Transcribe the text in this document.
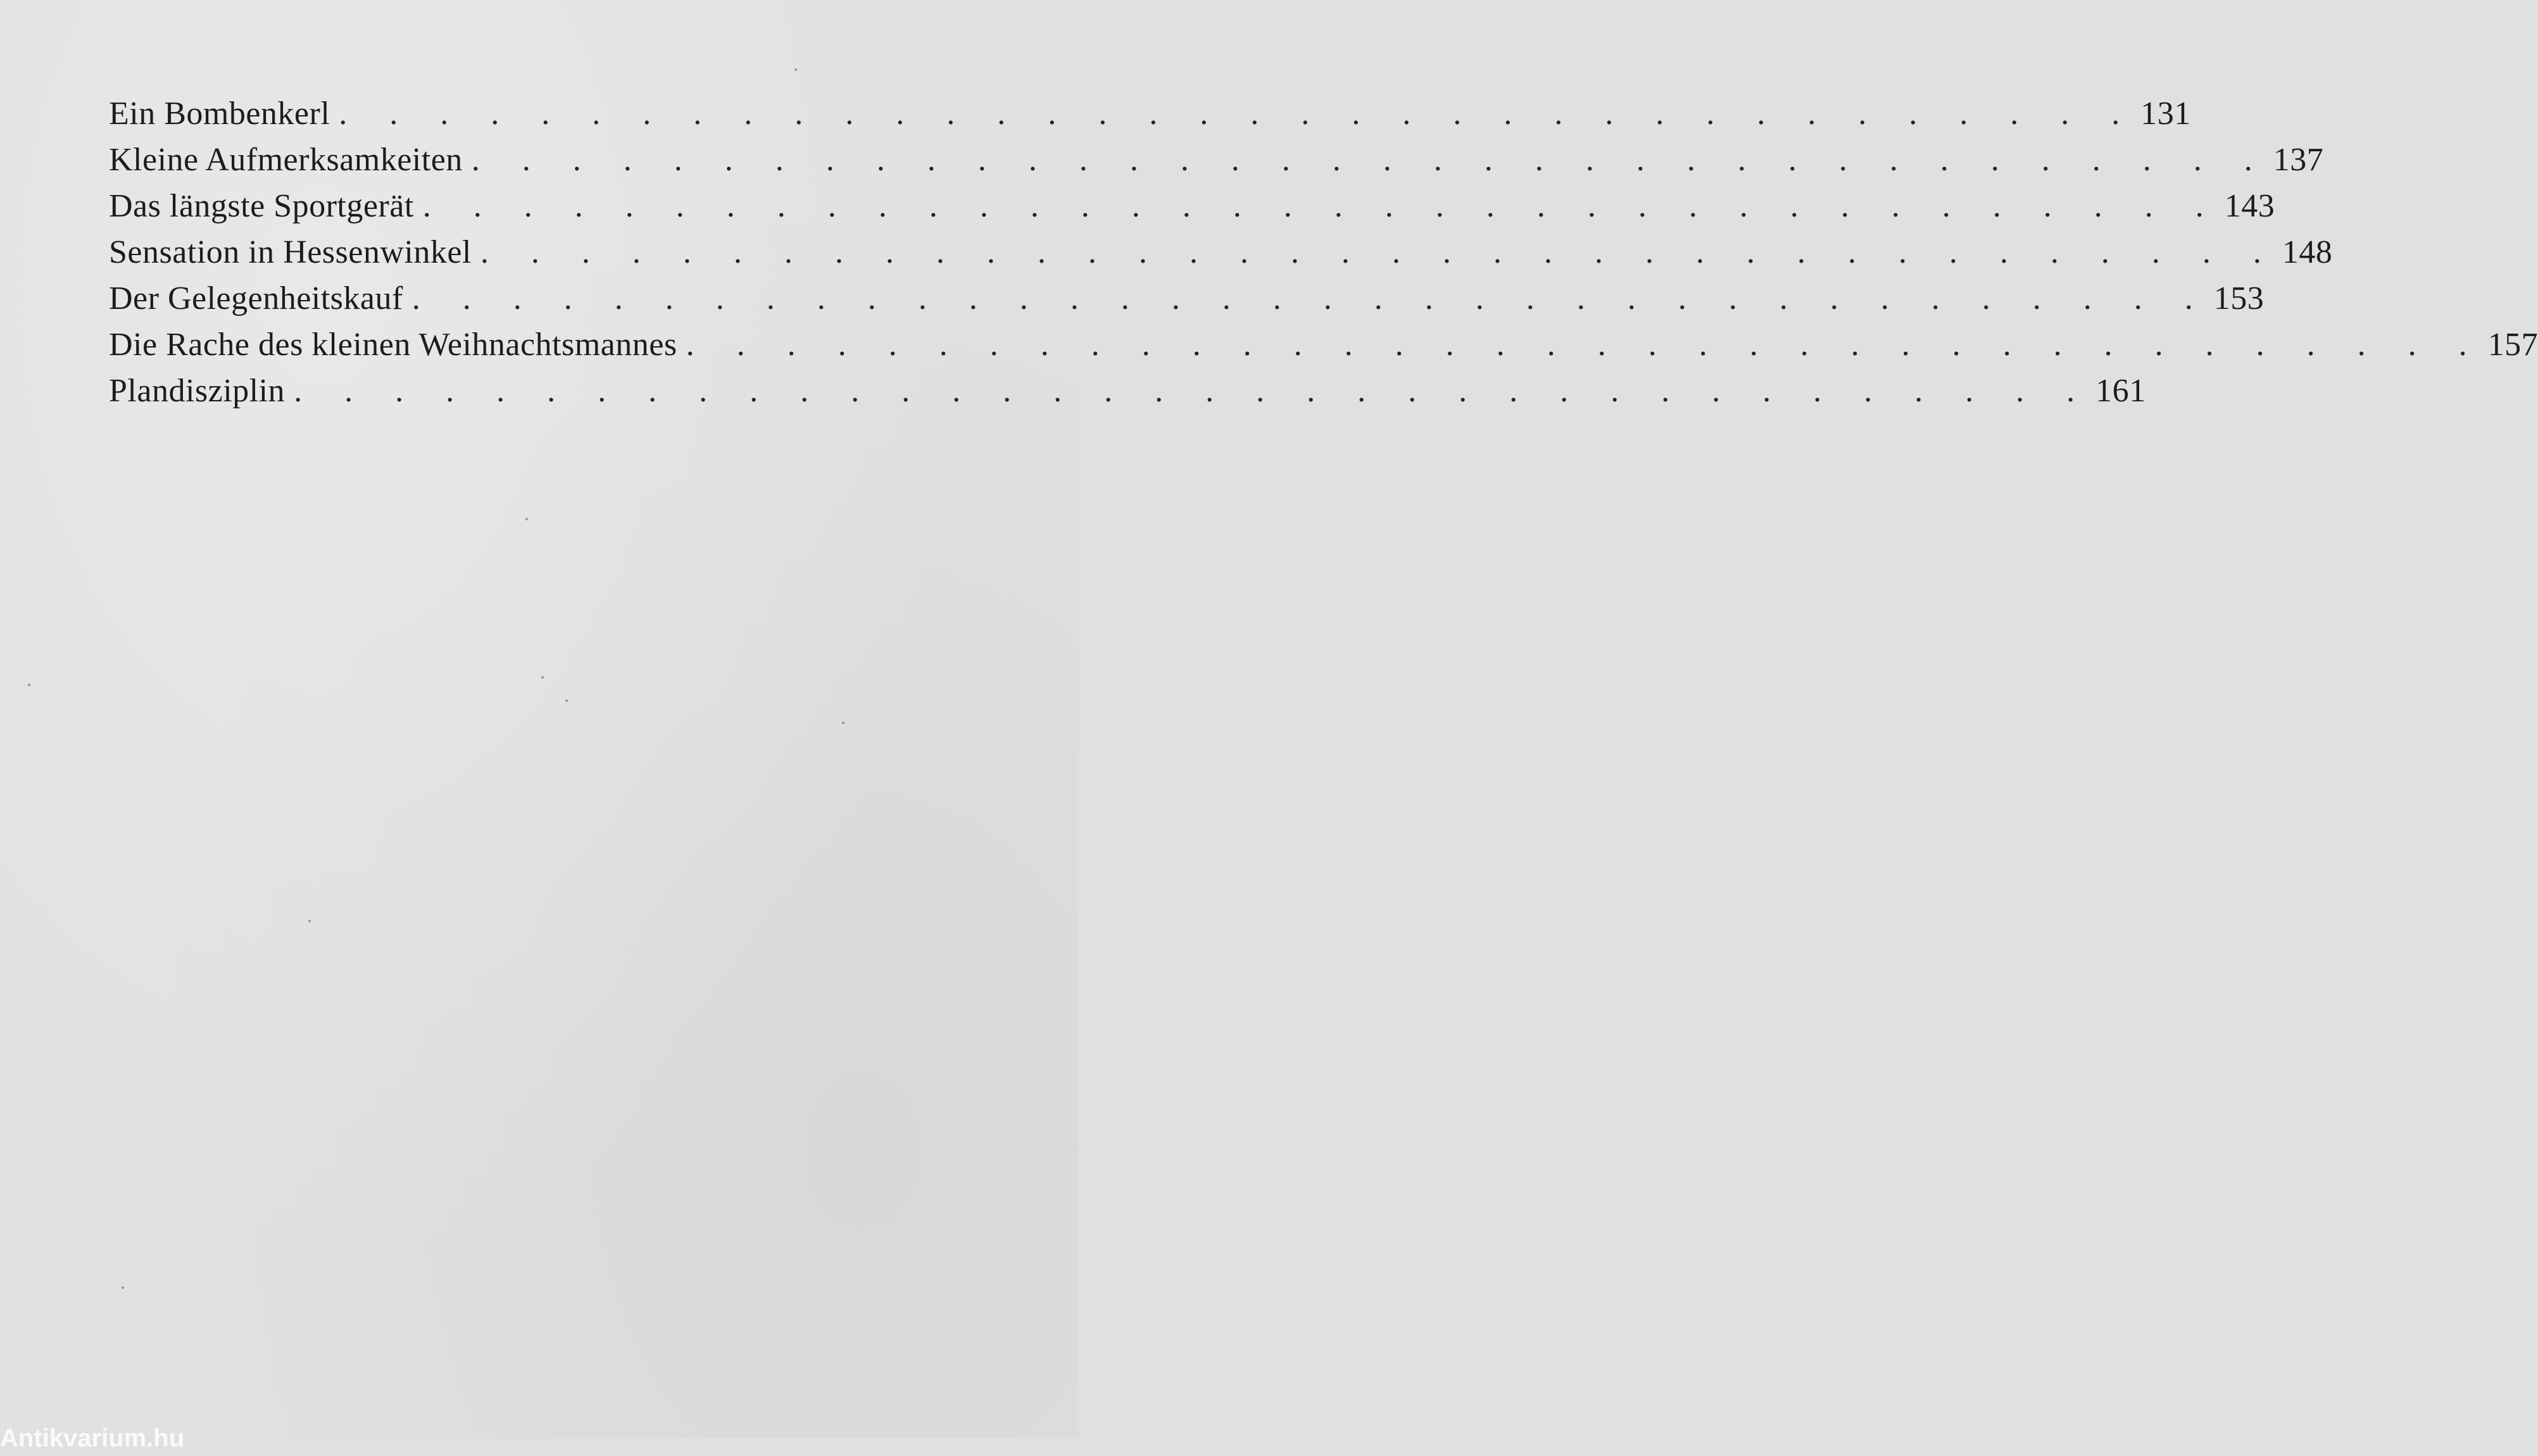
Ein Bombenkerl . . . . . . . . . . . . . . . . . . . . . . . . . . . . . . . . . . . . 131
Kleine Aufmerksamkeiten . . . . . . . . . . . . . . . . . . . . . . . . . . . . . . . . . . . . 137
Das längste Sportgerät . . . . . . . . . . . . . . . . . . . . . . . . . . . . . . . . . . . . 143
Sensation in Hessenwinkel . . . . . . . . . . . . . . . . . . . . . . . . . . . . . . . . . . . . 148
Der Gelegenheitskauf . . . . . . . . . . . . . . . . . . . . . . . . . . . . . . . . . . . . 153
Die Rache des kleinen Weihnachtsmannes . . . . . . . . . . . . . . . . . . . . . . . . . . . . . . . . . . . . 157
Plandisziplin . . . . . . . . . . . . . . . . . . . . . . . . . . . . . . . . . . . . 161
Antikvarium.hu
